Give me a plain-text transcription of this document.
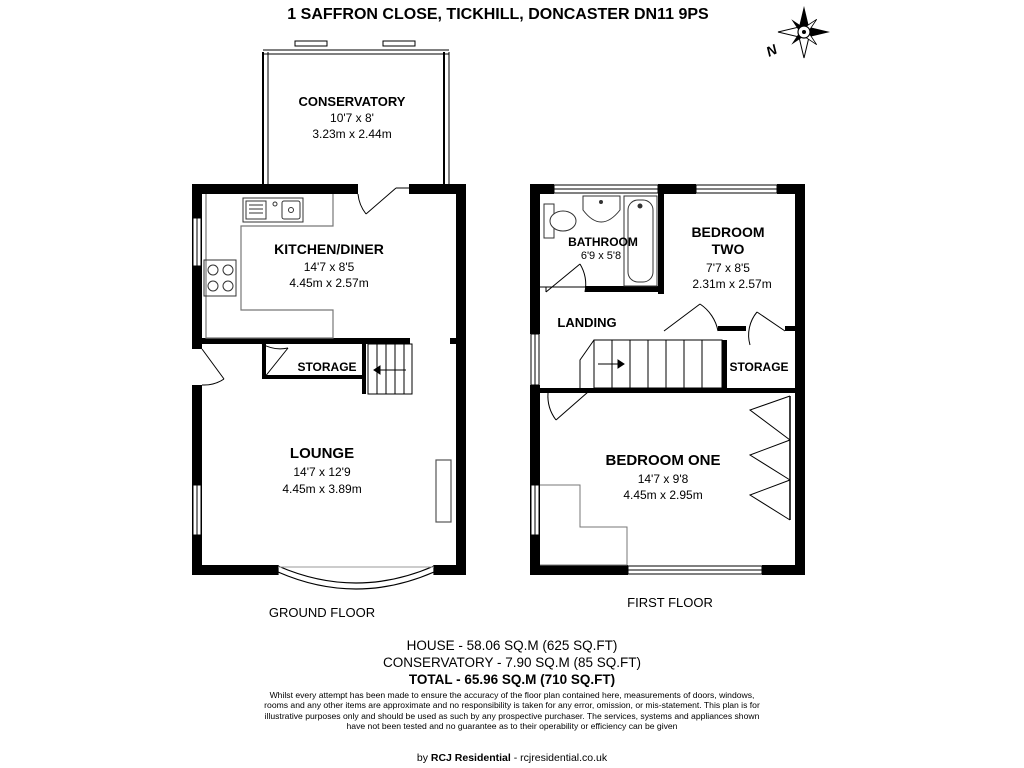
1 SAFFRON CLOSE, TICKHILL, DONCASTER DN11 9PS
N
CONSERVATORY
10'7 x 8'
3.23m x 2.44m
KITCHEN/DINER
14'7 x 8'5
4.45m x 2.57m
STORAGE
LOUNGE
14'7 x 12'9
4.45m x 3.89m
GROUND FLOOR
BATHROOM
6'9 x 5'8
BEDROOM
TWO
7'7 x 8'5
2.31m x 2.57m
LANDING
STORAGE
BEDROOM ONE
14'7 x 9'8
4.45m x 2.95m
FIRST FLOOR
HOUSE - 58.06 SQ.M (625 SQ.FT)
CONSERVATORY - 7.90 SQ.M (85 SQ.FT)
TOTAL - 65.96 SQ.M (710 SQ.FT)
Whilst every attempt has been made to ensure the accuracy of the floor plan contained here, measurements of doors, windows, rooms and any other items are approximate and no responsibility is taken for any error, omission, or mis-statement. This plan is for illustrative purposes only and should be used as such by any prospective purchaser. The services, systems and appliances shown have not been tested and no guarantee as to their operability or efficiency can be given
by RCJ Residential - rcjresidential.co.uk
